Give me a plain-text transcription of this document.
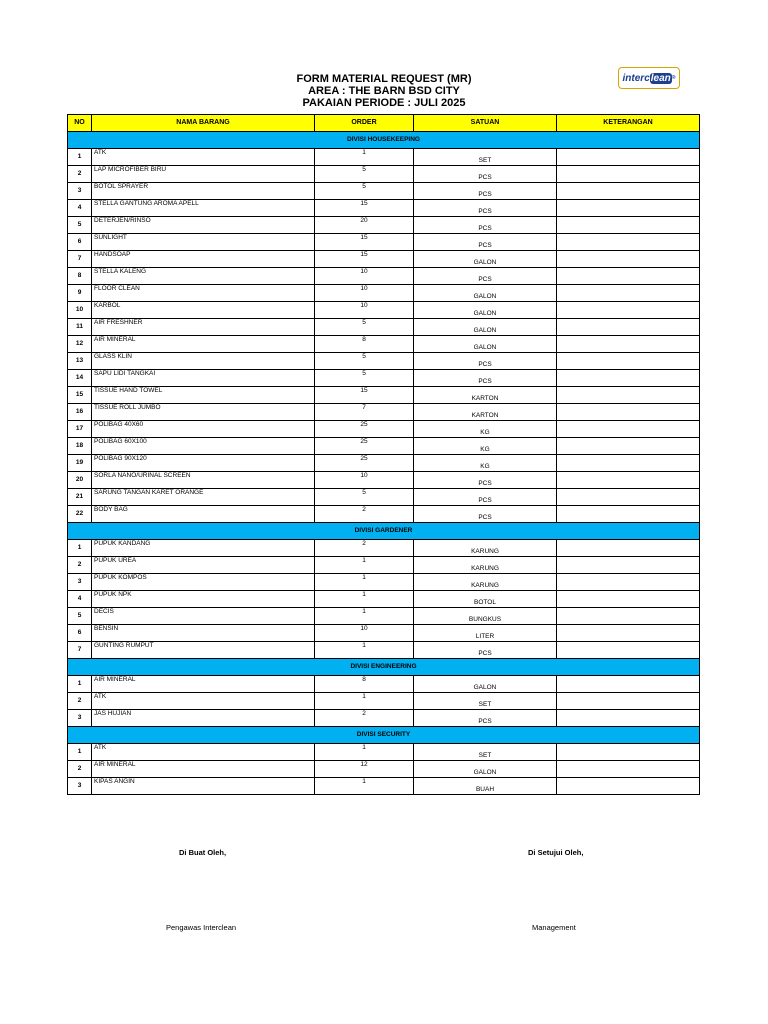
FORM MATERIAL REQUEST (MR)
AREA : THE BARN BSD CITY
PAKAIAN PERIODE : JULI 2025
interc lean ®
NO	NAMA BARANG	ORDER	SATUAN	KETERANGAN
DIVISI HOUSEKEEPING				
1	ATK	1	SET	
2	LAP MICROFIBER BIRU	5	PCS	
3	BOTOL SPRAYER	5	PCS	
4	STELLA GANTUNG AROMA APELL	15	PCS	
5	DETERJEN/RINSO	20	PCS	
6	SUNLIGHT	15	PCS	
7	HANDSOAP	15	GALON	
8	STELLA KALENG	10	PCS	
9	FLOOR CLEAN	10	GALON	
10	KARBOL	10	GALON	
11	AIR FRESHNER	5	GALON	
12	AIR MINERAL	8	GALON	
13	GLASS KLIN	5	PCS	
14	SAPU LIDI TANGKAI	5	PCS	
15	TISSUE HAND TOWEL	15	KARTON	
16	TISSUE ROLL JUMBO	7	KARTON	
17	POLIBAG 40X60	25	KG	
18	POLIBAG 60X100	25	KG	
19	POLIBAG 90X120	25	KG	
20	SORLA NANO/URINAL SCREEN	10	PCS	
21	SARUNG TANGAN KARET ORANGE	5	PCS	
22	BODY BAG	2	PCS	
DIVISI GARDENER				
1	PUPUK KANDANG	2	KARUNG	
2	PUPUK UREA	1	KARUNG	
3	PUPUK KOMPOS	1	KARUNG	
4	PUPUK NPK	1	BOTOL	
5	DECIS	1	BUNGKUS	
6	BENSIN	10	LITER	
7	GUNTING RUMPUT	1	PCS	
DIVISI ENGINEERING				
1	AIR MINERAL	8	GALON	
2	ATK	1	SET	
3	JAS HUJIAN	2	PCS	
DIVISI SECURITY				
1	ATK	1	SET	
2	AIR MINERAL	12	GALON	
3	KIPAS ANGIN	1	BUAH	
Di Buat Oleh,	Di Setujui Oleh,
Pengawas Interclean	Management
